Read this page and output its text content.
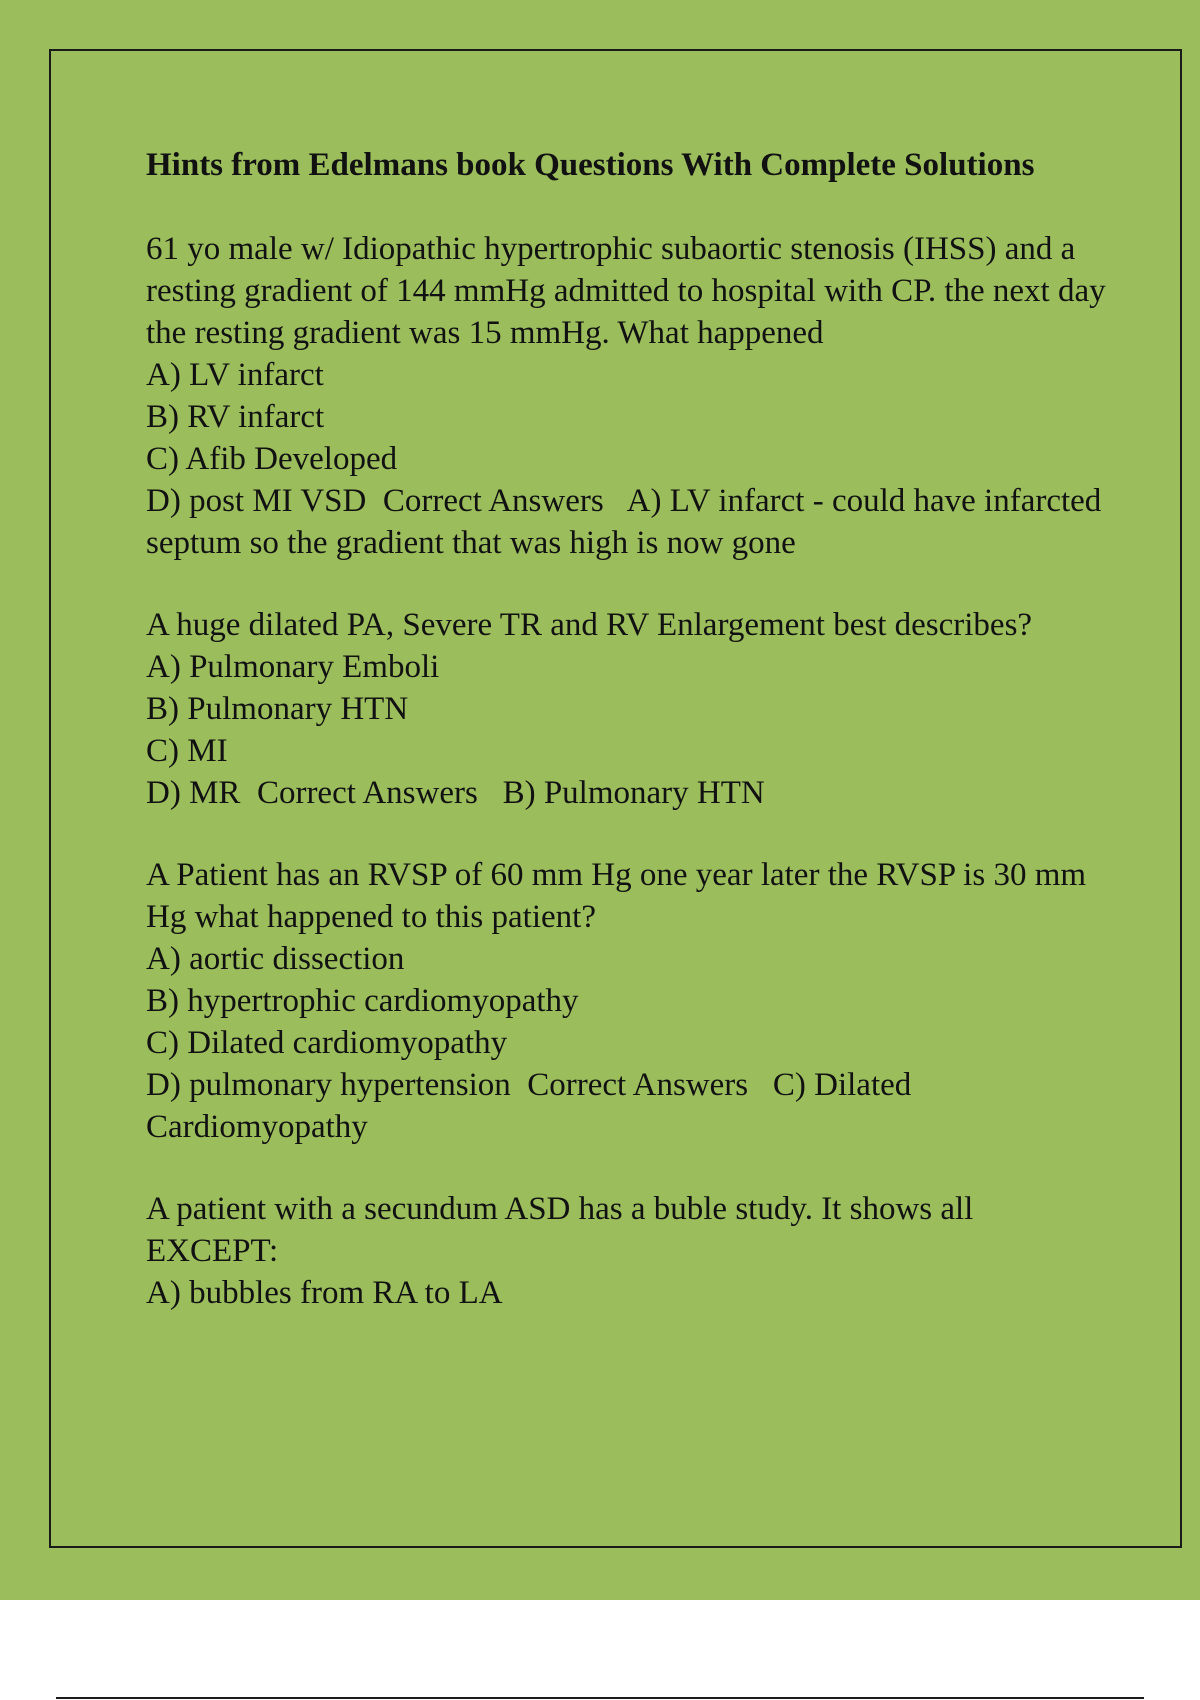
Hints from Edelmans book Questions With Complete Solutions
61 yo male w/ Idiopathic hypertrophic subaortic stenosis (IHSS) and a resting gradient of 144 mmHg admitted to hospital with CP. the next day the resting gradient was 15 mmHg. What happened
A) LV infarct
B) RV infarct
C) Afib Developed
D) post MI VSD Correct Answers A) LV infarct - could have infarcted septum so the gradient that was high is now gone
A huge dilated PA, Severe TR and RV Enlargement best describes?
A) Pulmonary Emboli
B) Pulmonary HTN
C) MI
D) MR Correct Answers B) Pulmonary HTN
A Patient has an RVSP of 60 mm Hg one year later the RVSP is 30 mm Hg what happened to this patient?
A) aortic dissection
B) hypertrophic cardiomyopathy
C) Dilated cardiomyopathy
D) pulmonary hypertension Correct Answers C) Dilated Cardiomyopathy
A patient with a secundum ASD has a buble study. It shows all EXCEPT:
A) bubbles from RA to LA
